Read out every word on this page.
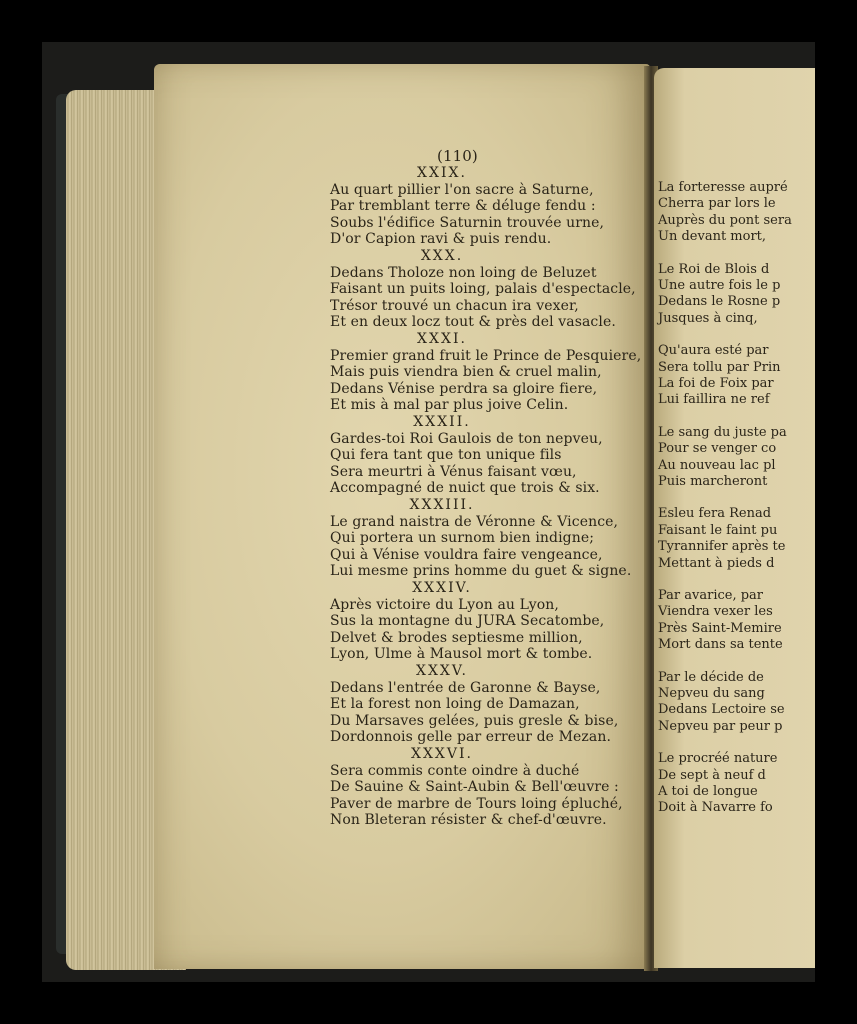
(110)
XXIX.
Au quart pillier l'on sacre à Saturne,
Par tremblant terre & déluge fendu :
Soubs l'édifice Saturnin trouvée urne,
D'or Capion ravi & puis rendu.
XXX.
Dedans Tholoze non loing de Beluzet
Faisant un puits loing, palais d'espectacle,
Trésor trouvé un chacun ira vexer,
Et en deux locz tout & près del vasacle.
XXXI.
Premier grand fruit le Prince de Pesquiere,
Mais puis viendra bien & cruel malin,
Dedans Vénise perdra sa gloire fiere,
Et mis à mal par plus joive Celin.
XXXII.
Gardes-toi Roi Gaulois de ton nepveu,
Qui fera tant que ton unique fils
Sera meurtri à Vénus faisant vœu,
Accompagné de nuict que trois & six.
XXXIII.
Le grand naistra de Véronne & Vicence,
Qui portera un surnom bien indigne;
Qui à Vénise vouldra faire vengeance,
Lui mesme prins homme du guet & signe.
XXXIV.
Après victoire du Lyon au Lyon,
Sus la montagne du JURA Secatombe,
Delvet & brodes septiesme million,
Lyon, Ulme à Mausol mort & tombe.
XXXV.
Dedans l'entrée de Garonne & Bayse,
Et la forest non loing de Damazan,
Du Marsaves gelées, puis gresle & bise,
Dordonnois gelle par erreur de Mezan.
XXXVI.
Sera commis conte oindre à duché
De Sauine & Saint-Aubin & Bell'œuvre :
Paver de marbre de Tours loing épluché,
Non Bleteran résister & chef-d'œuvre.
La forteresse aupré
Cherra par lors le
Auprès du pont sera
Un devant mort,
Le Roi de Blois d
Une autre fois le p
Dedans le Rosne p
Jusques à cinq,
Qu'aura esté par
Sera tollu par Prin
La foi de Foix par
Lui faillira ne ref
Le sang du juste pa
Pour se venger co
Au nouveau lac pl
Puis marcheront
Esleu fera Renad
Faisant le faint pu
Tyrannifer après te
Mettant à pieds d
Par avarice, par
Viendra vexer les
Près Saint-Memire
Mort dans sa tente
Par le décide de
Nepveu du sang
Dedans Lectoire se
Nepveu par peur p
Le procréé nature
De sept à neuf d
A toi de longue
Doit à Navarre fo
